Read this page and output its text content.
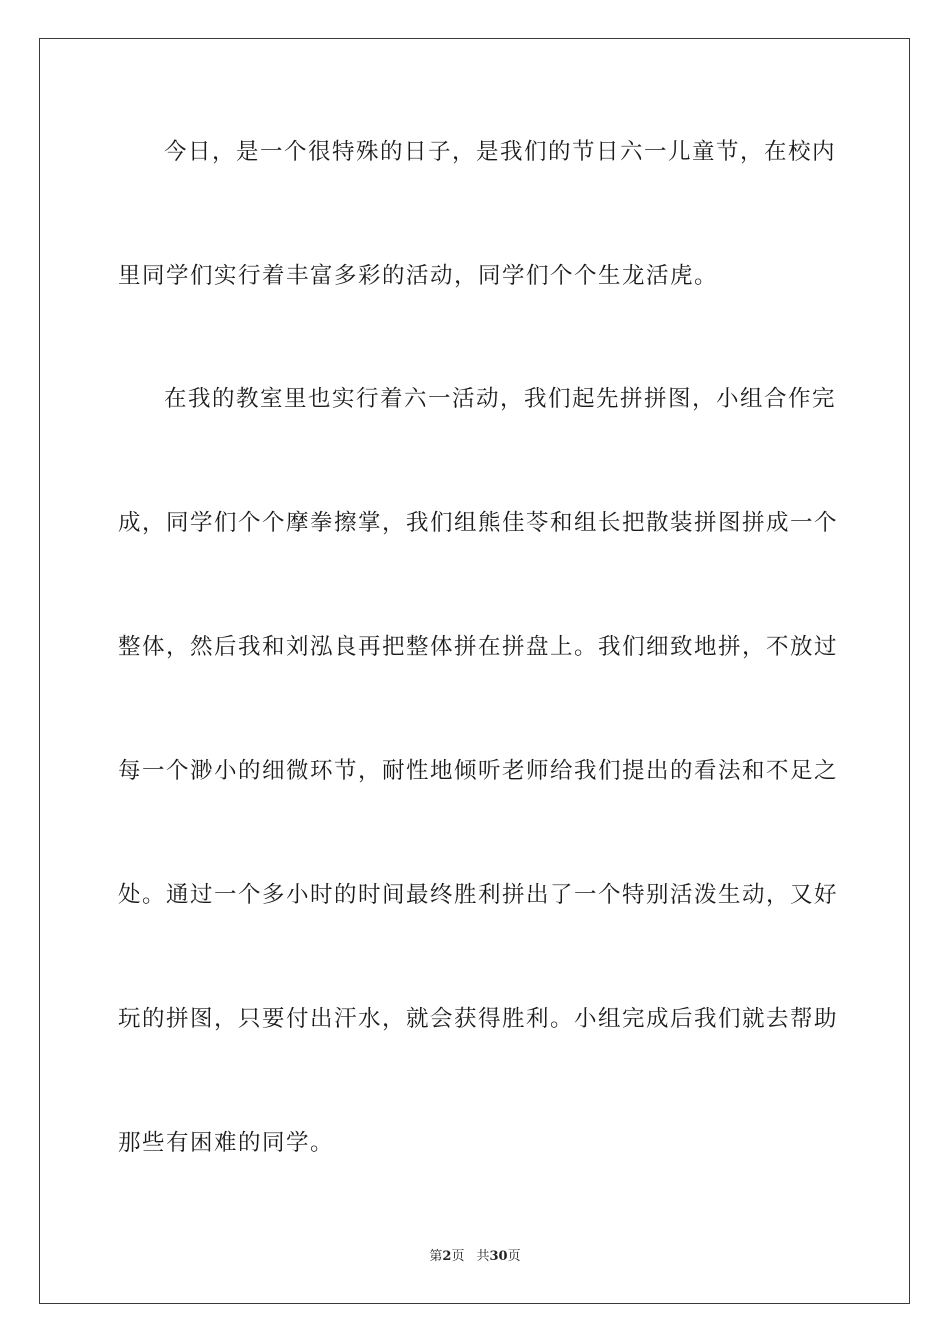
今日，是一个很特殊的日子，是我们的节日六一儿童节，在校内
里同学们实行着丰富多彩的活动，同学们个个生龙活虎。
在我的教室里也实行着六一活动，我们起先拼拼图，小组合作完
成，同学们个个摩拳擦掌，我们组熊佳苓和组长把散装拼图拼成一个
整体，然后我和刘泓良再把整体拼在拼盘上。我们细致地拼，不放过
每一个渺小的细微环节，耐性地倾听老师给我们提出的看法和不足之
处。通过一个多小时的时间最终胜利拼出了一个特别活泼生动，又好
玩的拼图，只要付出汗水，就会获得胜利。小组完成后我们就去帮助
那些有困难的同学。
第2页 共30页
